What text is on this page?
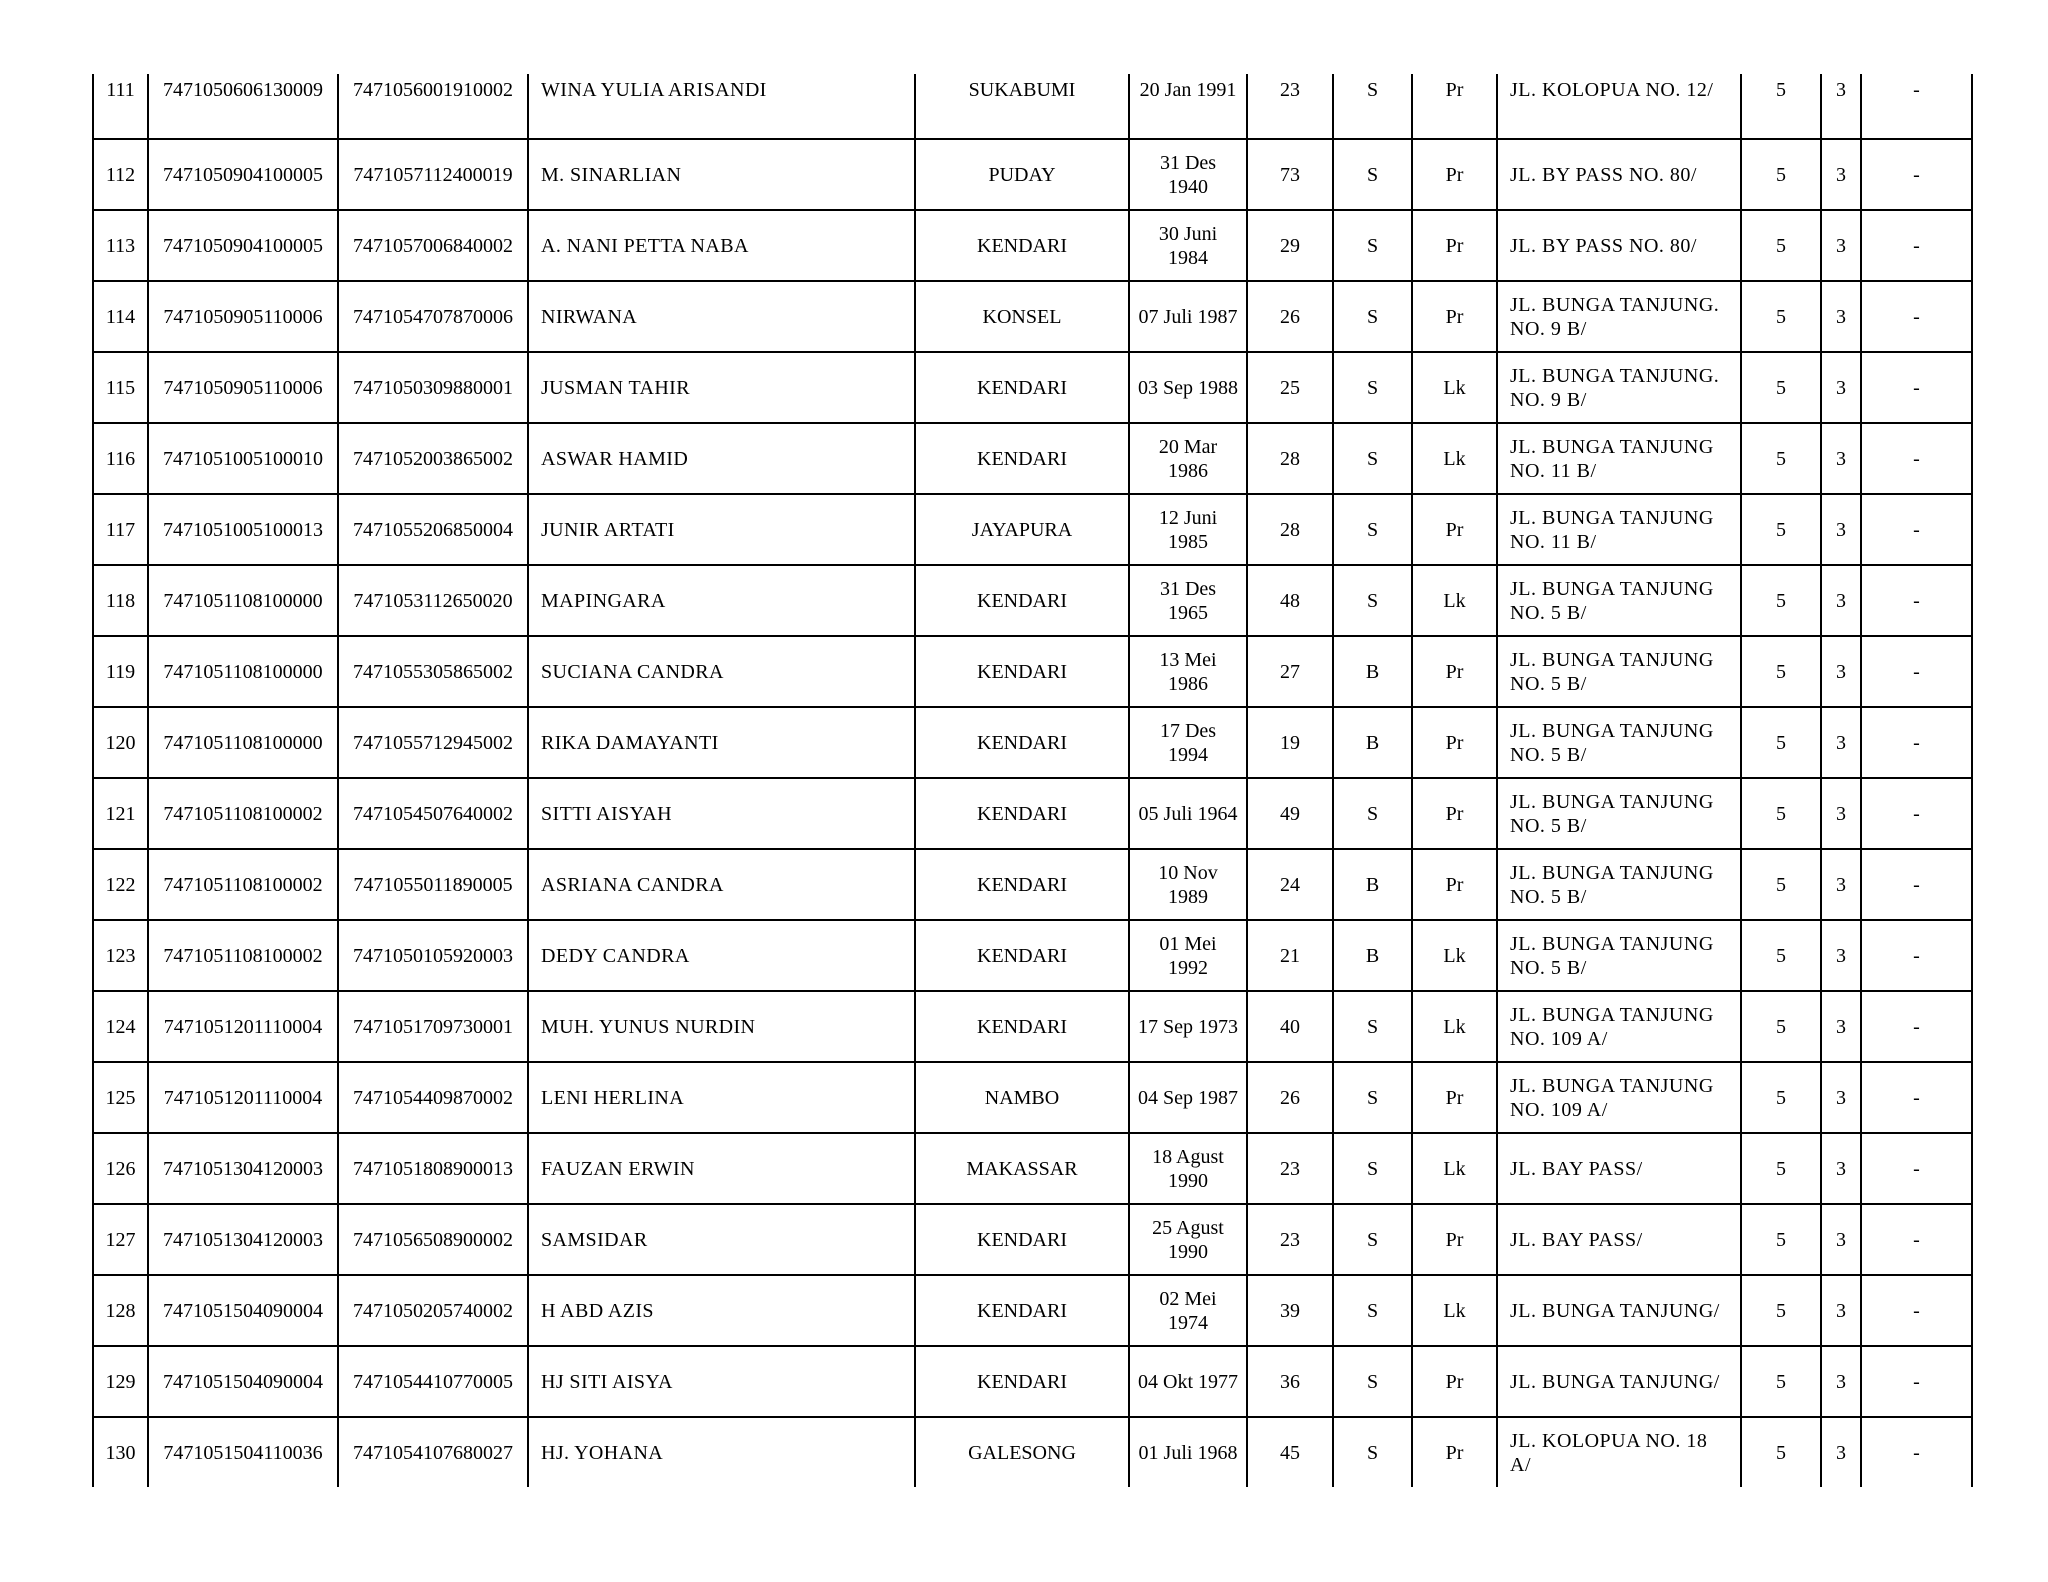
111	7471050606130009	7471056001910002	WINA YULIA ARISANDI	SUKABUMI	20 Jan 1991	23	S	Pr	JL. KOLOPUA NO. 12/	5	3	-
112	7471050904100005	7471057112400019	M. SINARLIAN	PUDAY	31 Des 1940	73	S	Pr	JL. BY PASS NO. 80/	5	3	-
113	7471050904100005	7471057006840002	A. NANI PETTA NABA	KENDARI	30 Juni 1984	29	S	Pr	JL. BY PASS NO. 80/	5	3	-
114	7471050905110006	7471054707870006	NIRWANA	KONSEL	07 Juli 1987	26	S	Pr	JL. BUNGA TANJUNG. NO. 9 B/	5	3	-
115	7471050905110006	7471050309880001	JUSMAN TAHIR	KENDARI	03 Sep 1988	25	S	Lk	JL. BUNGA TANJUNG. NO. 9 B/	5	3	-
116	7471051005100010	7471052003865002	ASWAR HAMID	KENDARI	20 Mar 1986	28	S	Lk	JL. BUNGA TANJUNG NO. 11 B/	5	3	-
117	7471051005100013	7471055206850004	JUNIR ARTATI	JAYAPURA	12 Juni 1985	28	S	Pr	JL. BUNGA TANJUNG NO. 11 B/	5	3	-
118	7471051108100000	7471053112650020	MAPINGARA	KENDARI	31 Des 1965	48	S	Lk	JL. BUNGA TANJUNG NO. 5 B/	5	3	-
119	7471051108100000	7471055305865002	SUCIANA CANDRA	KENDARI	13 Mei 1986	27	B	Pr	JL. BUNGA TANJUNG NO. 5 B/	5	3	-
120	7471051108100000	7471055712945002	RIKA DAMAYANTI	KENDARI	17 Des 1994	19	B	Pr	JL. BUNGA TANJUNG NO. 5 B/	5	3	-
121	7471051108100002	7471054507640002	SITTI AISYAH	KENDARI	05 Juli 1964	49	S	Pr	JL. BUNGA TANJUNG NO. 5 B/	5	3	-
122	7471051108100002	7471055011890005	ASRIANA CANDRA	KENDARI	10 Nov 1989	24	B	Pr	JL. BUNGA TANJUNG NO. 5 B/	5	3	-
123	7471051108100002	7471050105920003	DEDY CANDRA	KENDARI	01 Mei 1992	21	B	Lk	JL. BUNGA TANJUNG NO. 5 B/	5	3	-
124	7471051201110004	7471051709730001	MUH. YUNUS NURDIN	KENDARI	17 Sep 1973	40	S	Lk	JL. BUNGA TANJUNG NO. 109 A/	5	3	-
125	7471051201110004	7471054409870002	LENI HERLINA	NAMBO	04 Sep 1987	26	S	Pr	JL. BUNGA TANJUNG NO. 109 A/	5	3	-
126	7471051304120003	7471051808900013	FAUZAN ERWIN	MAKASSAR	18 Agust 1990	23	S	Lk	JL. BAY PASS/	5	3	-
127	7471051304120003	7471056508900002	SAMSIDAR	KENDARI	25 Agust 1990	23	S	Pr	JL. BAY PASS/	5	3	-
128	7471051504090004	7471050205740002	H ABD AZIS	KENDARI	02 Mei 1974	39	S	Lk	JL. BUNGA TANJUNG/	5	3	-
129	7471051504090004	7471054410770005	HJ SITI AISYA	KENDARI	04 Okt 1977	36	S	Pr	JL. BUNGA TANJUNG/	5	3	-
130	7471051504110036	7471054107680027	HJ. YOHANA	GALESONG	01 Juli 1968	45	S	Pr	JL. KOLOPUA NO. 18 A/	5	3	-
